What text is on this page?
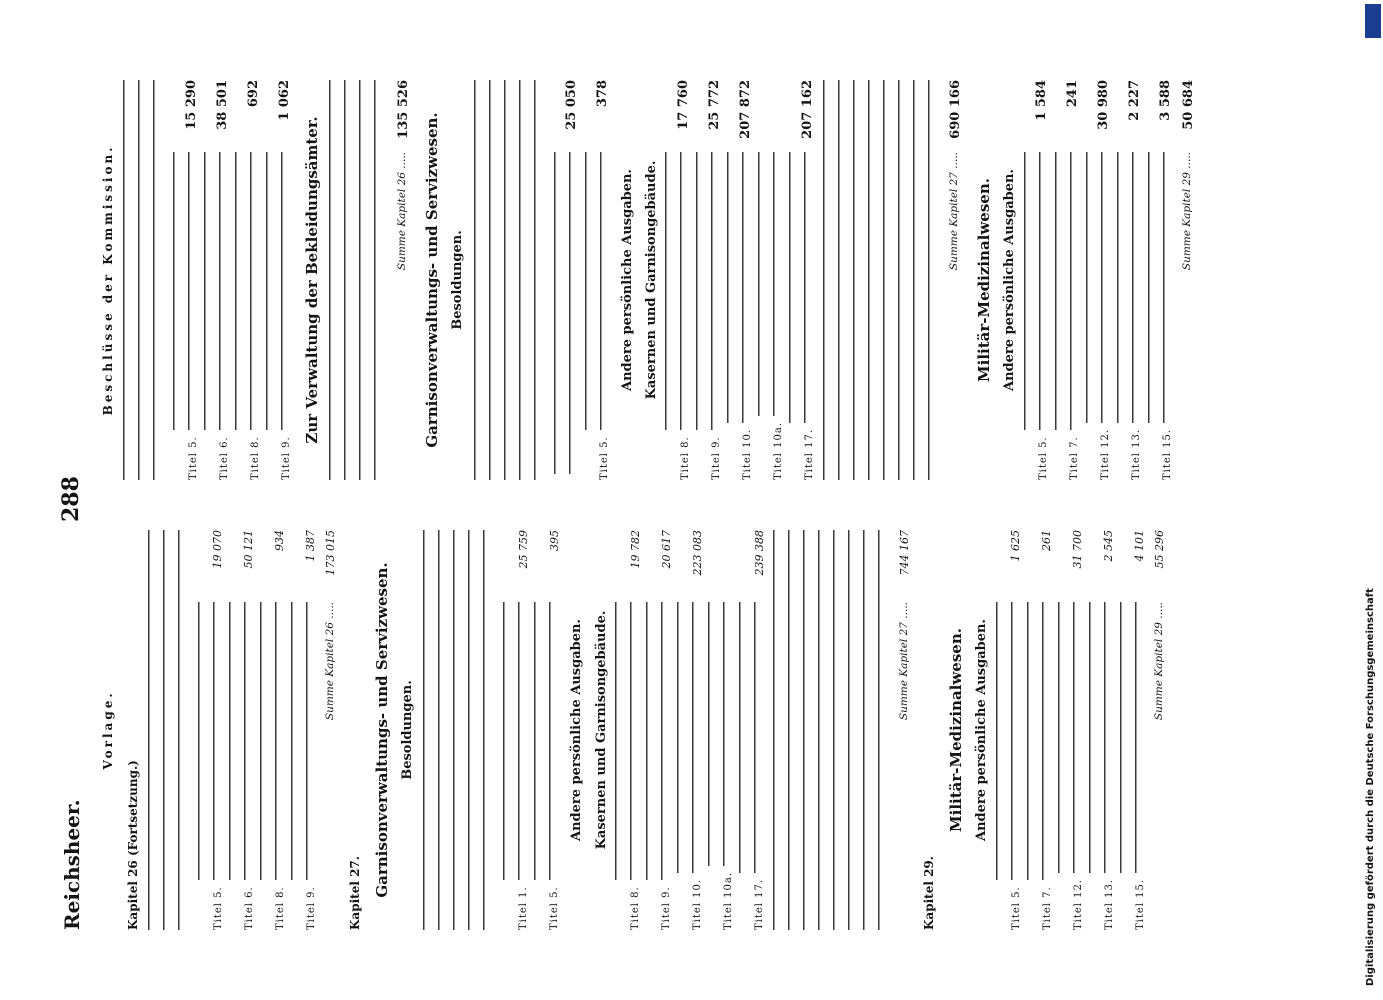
Digitalisierung gefördert durch die Deutsche Forschungsgemeinschaft
Reichsheer.
288
Vorlage.
Kapitel 26 (Fortsetzung.)
Titel 5.
19 070
Titel 6.
50 121
Titel 8.
934
Titel 9.
1 387
Summe Kapitel 26 .....
173 015
Kapitel 27. Garnisonverwaltungs- und Servizwesen. Besoldungen.
Titel 1.
25 759
Titel 5.
395
Andere persönliche Ausgaben. Kasernen und Garnisongebäude.
Titel 8.
19 782
Titel 9.
20 617
Titel 10.
223 083
Titel 10a. Titel 17.
239 388
Summe Kapitel 27 .....
744 167
Kapitel 29.
Militär-Medizinalwesen. Andere persönliche Ausgaben.
Titel 5.
1 625
Titel 7.
261
Titel 12.
31 700
Titel 13.
2 545
Titel 15.
4 101
Summe Kapitel 29 .....
55 296
Beschlüsse der Kommission.
Titel 5.
15 290
Titel 6.
38 501
Titel 8.
692
Titel 9.
1 062
Zur Verwaltung der Bekleidungsämter.	Summe Kapitel 26 .....
135 526
Garnisonverwaltungs- und Servizwesen. Besoldungen.
25 050
Titel 5.
378
Andere persönliche Ausgaben. Kasernen und Garnisongebäude.
Titel 8.
17 760
Titel 9.
25 772
Titel 10.
207 872
Titel 10a. Titel 17.
207 162
Summe Kapitel 27 .....
690 166
Militär-Medizinalwesen. Andere persönliche Ausgaben.
Titel 5.
1 584
Titel 7.
241
Titel 12.
30 980
Titel 13.
2 227
Titel 15.
3 588
Summe Kapitel 29 .....
50 684
